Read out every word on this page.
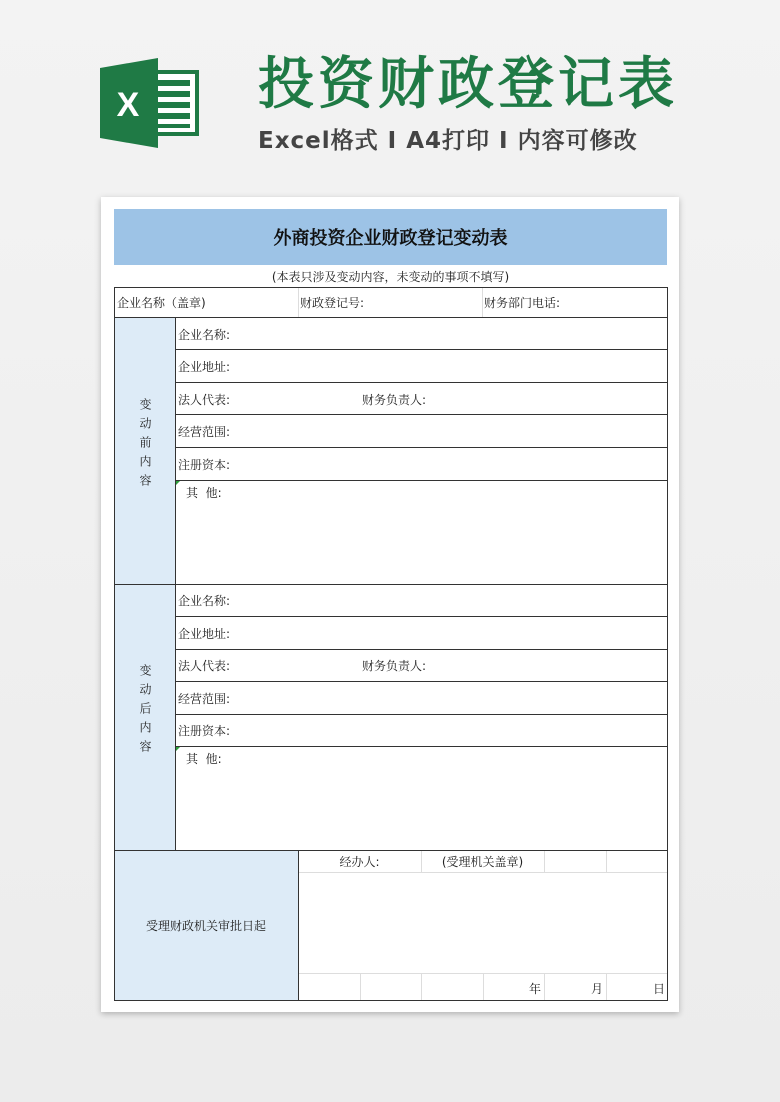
X 投资财政登记表
Excel格式 I A4打印 I 内容可修改
外商投资企业财政登记变动表
(本表只涉及变动内容，未变动的事项不填写)
企业名称（盖章)	财政登记号:	财务部门电话:
变动前内容
企业名称:
企业地址:
法人代表:	财务负责人:
经营范围:
注册资本:
其  他:
变动后内容
企业名称:
企业地址:
法人代表:	财务负责人:
经营范围:
注册资本:
其  他:
受理财政机关审批日起
经办人:	(受理机关盖章)
年	月	日
